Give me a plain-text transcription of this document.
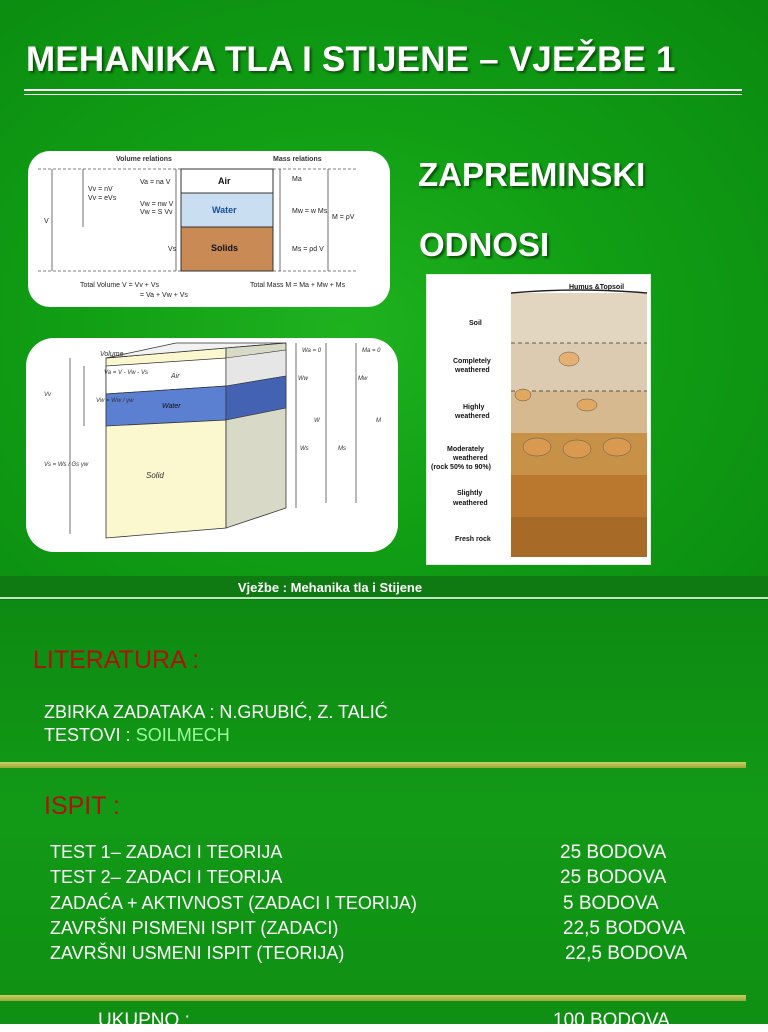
MEHANIKA TLA I STIJENE – VJEŽBE 1
Volume relations	Mass relations
Air
Water
Solids
Va = na V
Vv = nV
Vv = eVs
Vw = nw V
Vw = S Vv
Vs
V
Ma
Mw = w Ms
Ms = ρd V
M = ρV
Total Volume V = Vv + Vs
= Va + Vw + Vs
Total Mass M = Ma + Mw + Ms
ZAPREMINSKI
ODNOSI
Air
Water
Solid
Volume
Va = V - Vw - Vs
Vw = Ww / γw
Vs = Ws / Gs γw
Vv
Wa = 0	Ma = 0
Ww	Mw
W	M
Ws	Ms
Humus &Topsoil
Soil
Completely
weathered
Highly
weathered
Moderately
weathered
(rock 50% to 90%)
Slightly
weathered
Fresh rock
Vježbe : Mehanika tla i Stijene
LITERATURA :
ZBIRKA ZADATAKA : N.GRUBIĆ, Z. TALIĆ
TESTOVI : SOILMECH
ISPIT :
TEST 1– ZADACI I TEORIJA	25 BODOVA
TEST 2– ZADACI I TEORIJA	25 BODOVA
ZADAĆA + AKTIVNOST (ZADACI I TEORIJA)	5 BODOVA
ZAVRŠNI PISMENI ISPIT (ZADACI)	22,5 BODOVA
ZAVRŠNI USMENI ISPIT (TEORIJA)	22,5 BODOVA
UKUPNO :	100 BODOVA
